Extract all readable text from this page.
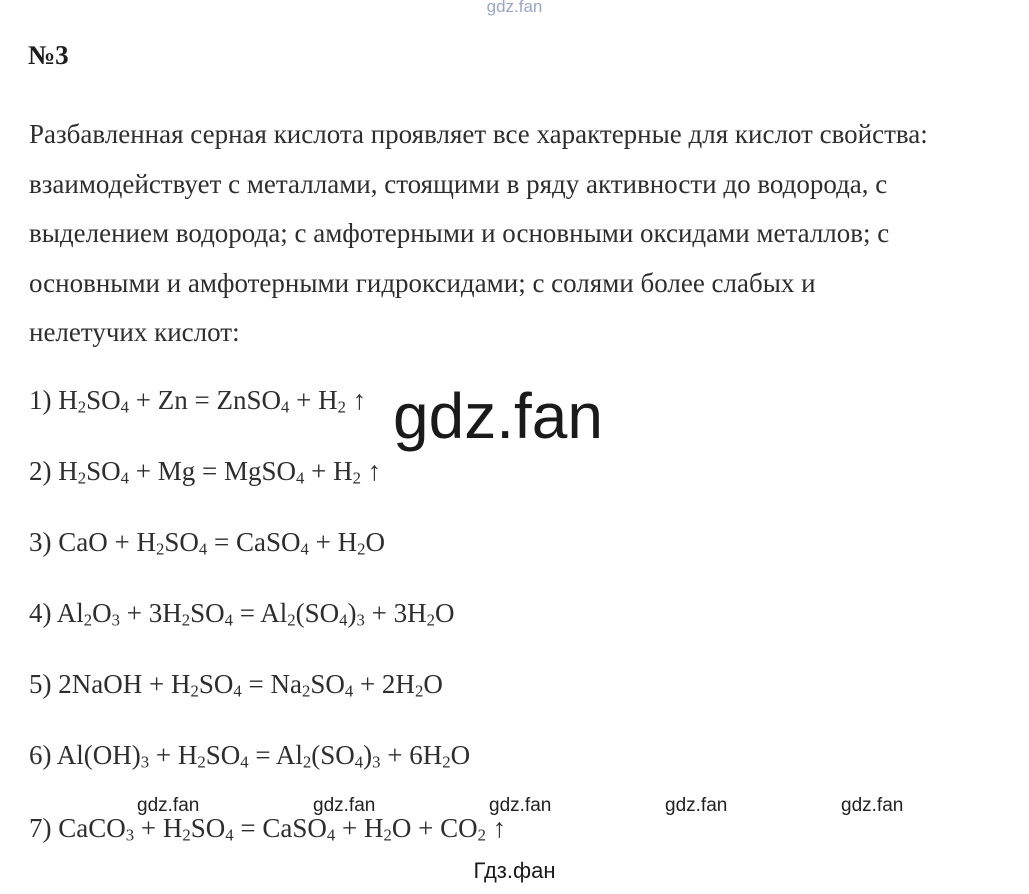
gdz.fan
№3
Разбавленная серная кислота проявляет все характерные для кислот свойства:
взаимодействует с металлами, стоящими в ряду активности до водорода, с
выделением водорода; с амфотерными и основными оксидами металлов; с
основными и амфотерными гидроксидами; с солями более слабых и
нелетучих кислот:
1) $H_2SO_4 + Zn$ = ZnSO$_4$ + $H_2$ ↑
2) $H_2SO_4 + Mg$ = MgSO$_4$ + $H_2$ ↑
3) CaO + $H_2SO_4$ = CaSO$_4$ + $H_2O$
4) $Al_2O_3 + 3H_2SO_4 = Al_2(SO_4)_3 + 3H_2O$
5) 2NaOH + $H_2SO_4 = Na_2SO_4 + 2H_2O$
6) $Al(OH)_3 + H_2SO_4 = Al_2(SO_4)_3 + 6H_2O$
7) CaCO$_3$ + $H_2SO_4$ = CaSO$_4$ + $H_2O + CO_2$ ↑
gdz.fan
gdz.fan	gdz.fan	gdz.fan	gdz.fan	gdz.fan
Гдз.фан
